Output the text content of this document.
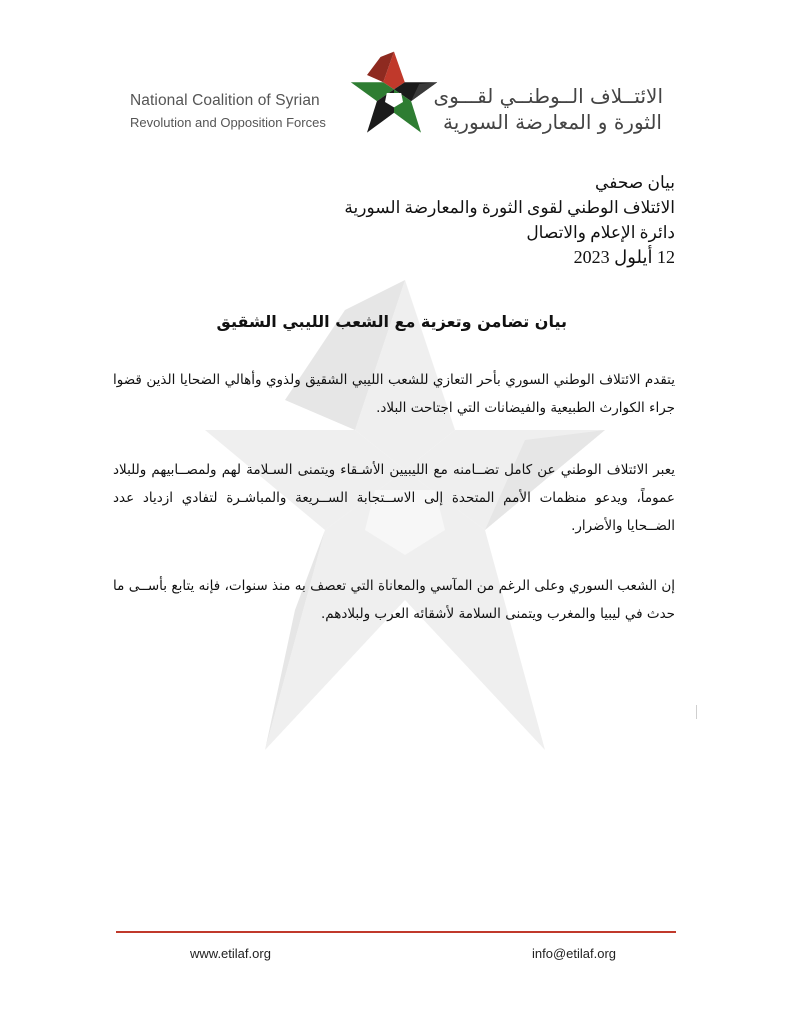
National Coalition of Syrian
Revolution and Opposition Forces
الائتــلاف الــوطنــي لقـــوى
الثورة و المعارضة السورية
بيان صحفي
الائتلاف الوطني لقوى الثورة والمعارضة السورية
دائرة الإعلام والاتصال
12 أيلول 2023
بيان تضامن وتعزية مع الشعب الليبي الشقيق

يتقدم الائتلاف الوطني السوري بأحر التعازي للشعب الليبي الشقيق ولذوي وأهالي الضحايا الذين قضوا جراء الكوارث الطبيعية والفيضانات التي اجتاحت البلاد.

يعبر الائتلاف الوطني عن كامل تضــامنه مع الليبيين الأشـقاء ويتمنى السـلامة لهم ولمصــابيهم وللبلاد عموماً، ويدعو منظمات الأمم المتحدة إلى الاســتجابة الســريعة والمباشـرة لتفادي ازدياد عدد الضــحايا والأضرار.

إن الشعب السوري وعلى الرغم من المآسي والمعاناة التي تعصف به منذ سنوات، فإنه يتابع بأســى ما حدث في ليبيا والمغرب ويتمنى السلامة لأشقائه العرب ولبلادهم.

www.etilaf.org	info@etilaf.org
